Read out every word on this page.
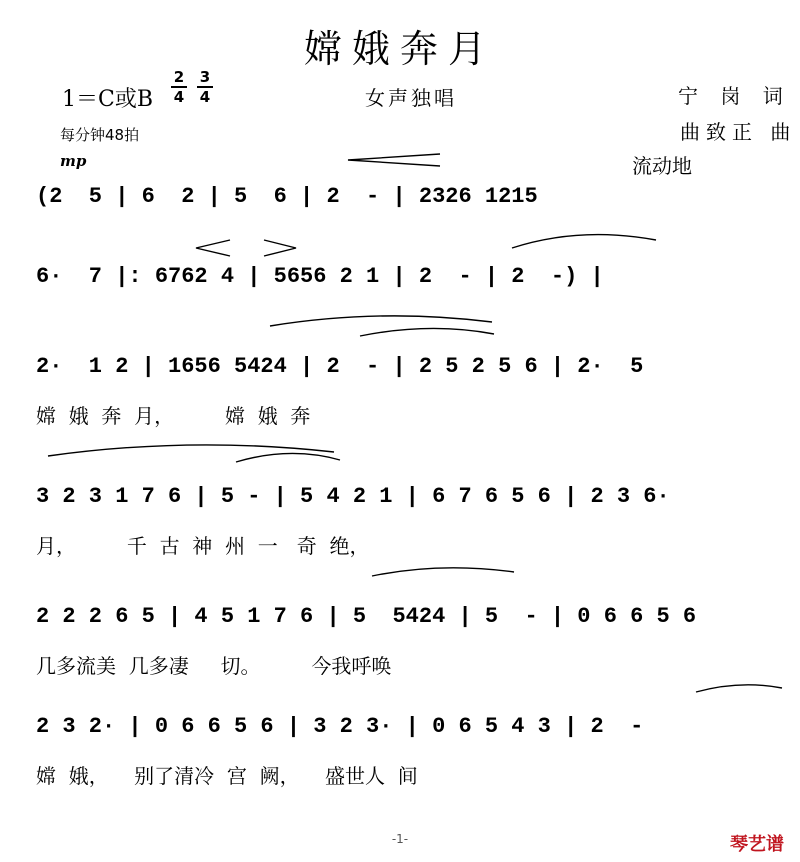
嫦娥奔月
1＝C或B $\frac{2}{4} \frac{3}{4}$	女声独唱	宁 岗 词
每分钟48拍	曲致正 曲
mp	流动地
(2  5 | 6  2 | 5  6 | 2  - | 2326 1215
6·  7 |: 6762 4 | 5656 2 1 | 2  - | 2  -) |
2·  1 2 | 1656 5424 | 2  - | 2 5 2 5 6 | 2·  5
嫦  娥  奔  月，        嫦  娥  奔
3 2 3 1 7 6 | 5 - | 5 4 2 1 | 6 7 6 5 6 | 2 3 6·
月，        千  古  神  州  一   奇  绝，
2 2 2 6 5 | 4 5 1 7 6 | 5  5424 | 5  - | 0 6 6 5 6
几多流美  几多凄     切。        今我呼唤
2 3 2· | 0 6 6 5 6 | 3 2 3· | 0 6 5 4 3 | 2  -
嫦  娥，    别了清冷  宫  阙，    盛世人  间
-1-	琴艺谱
